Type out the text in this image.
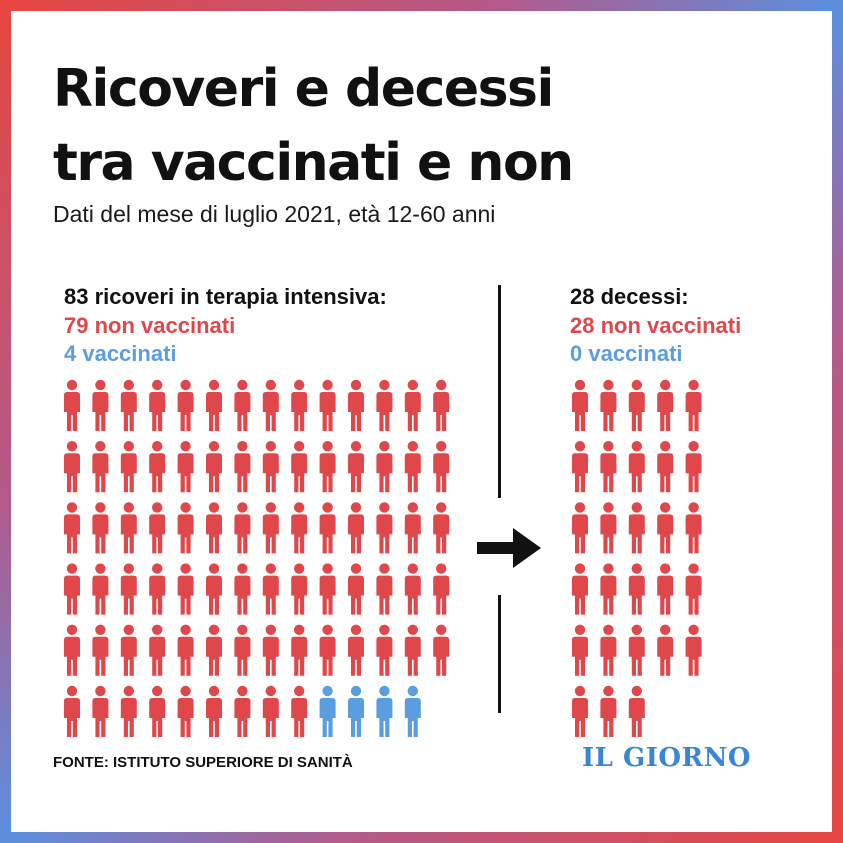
Ricoveri e decessi
tra vaccinati e non
Dati del mese di luglio 2021, età 12-60 anni
83 ricoveri in terapia intensiva:
79 non vaccinati
4 vaccinati
28 decessi:
28 non vaccinati
0 vaccinati
FONTE: ISTITUTO SUPERIORE DI SANITÀ	IL GIORNO
